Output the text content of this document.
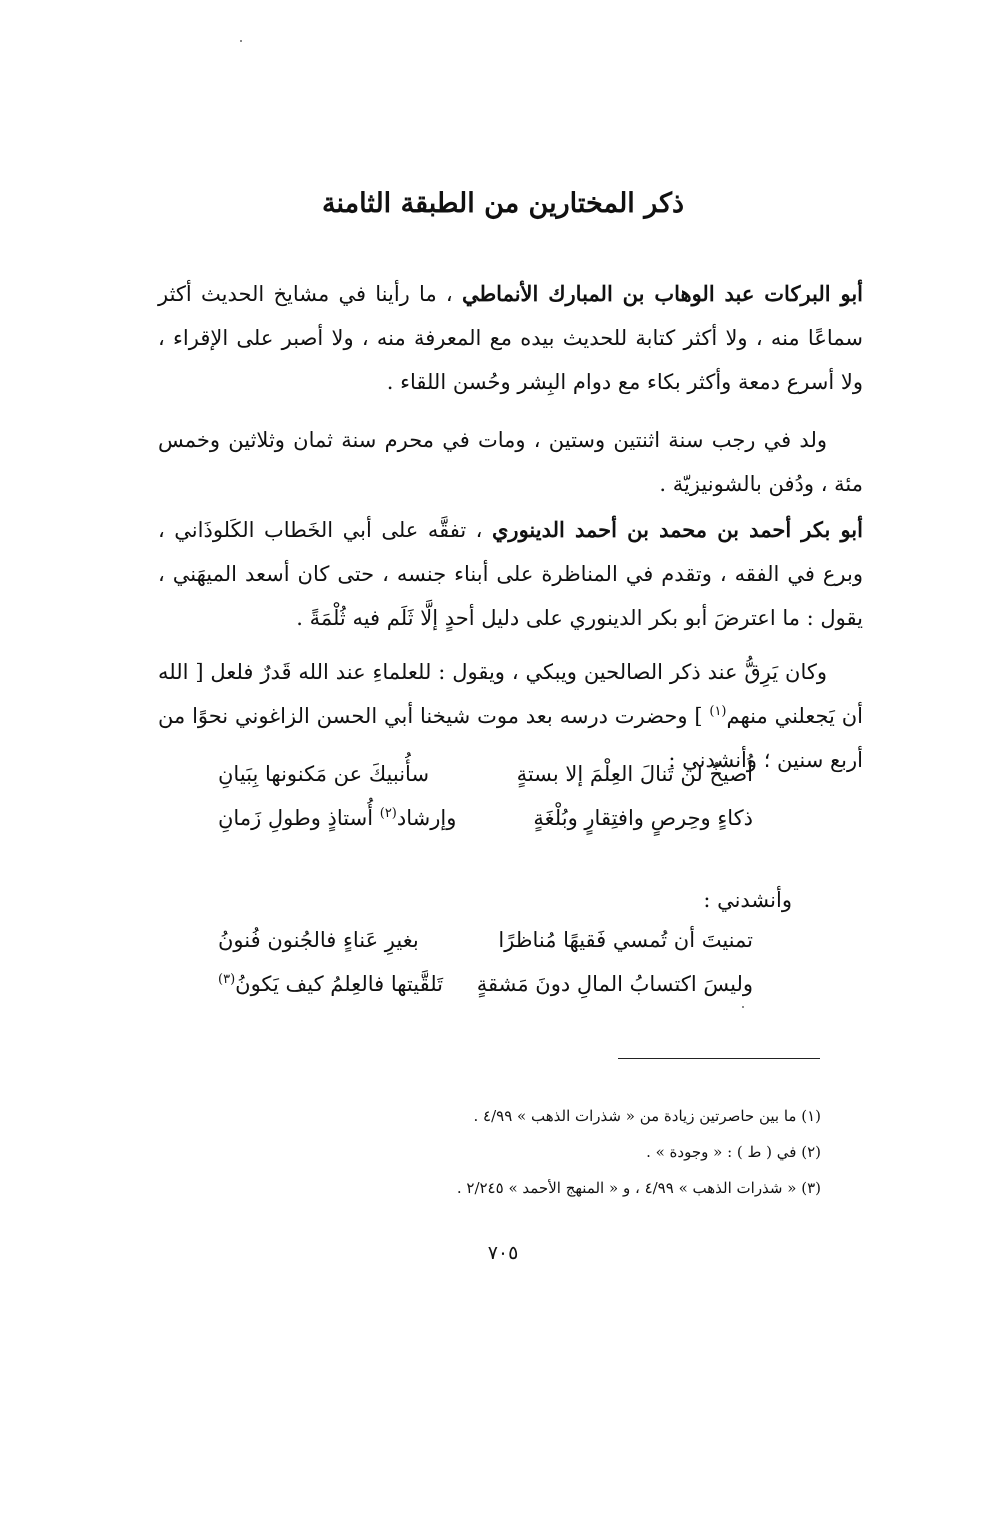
ذكر المختارين من الطبقة الثامنة

أبو البركات عبد الوهاب بن المبارك الأنماطي ، ما رأينا في مشايخ الحديث أكثر سماعًا منه ، ولا أكثر كتابة للحديث بيده مع المعرفة منه ، ولا أصبر على الإقراء ، ولا أسرع دمعة وأكثر بكاء مع دوام البِشر وحُسن اللقاء .

ولد في رجب سنة اثنتين وستين ، ومات في محرم سنة ثمان وثلاثين وخمس مئة ، ودُفن بالشونيزيّة .

أبو بكر أحمد بن محمد بن أحمد الدينوري ، تفقَّه على أبي الخَطاب الكَلوذَاني ، وبرع في الفقه ، وتقدم في المناظرة على أبناء جنسه ، حتى كان أسعد الميهَني ، يقول : ما اعترضَ أبو بكر الدينوري على دليل أحدٍ إلَّا ثَلَم فيه ثُلْمَةً .

وكان يَرِقُّ عند ذكر الصالحين ويبكي ، ويقول : للعلماءِ عند الله قَدرٌ فلعل [ الله أن يَجعلني منهم$^{(١)}$ ] وحضرت درسه بعد موت شيخنا أبي الحسن الزاغوني نحوًا من أربع سنين ؛ وأنشدني :

أُصيخُ لن تَنالَ العِلْمَ إلا بستةٍ
سأُنبيكَ عن مَكنونها بِبَيانِ
ذكاءٍ وحِرصٍ وافتِقارٍ وبُلْغَةٍ
وإرشاد$^{(٢)}$ أُستاذٍ وطولِ زَمانِ
وأنشدني :
تمنيتَ أن تُمسي فَقيهًا مُناظرًا
بغيرِ عَناءٍ فالجُنون فُنونُ
وليسَ اكتسابُ المالِ دونَ مَشقةٍ
تَلقَّيتها فالعِلمُ كيف يَكونُ$^{(٣)}$
(١) ما بين حاصرتين زيادة من « شذرات الذهب » ٤/٩٩ .
(٢) في ( ط ) : « وجودة » .
(٣) « شذرات الذهب » ٤/٩٩ ، و « المنهج الأحمد » ٢/٢٤٥ .
٧٠٥
